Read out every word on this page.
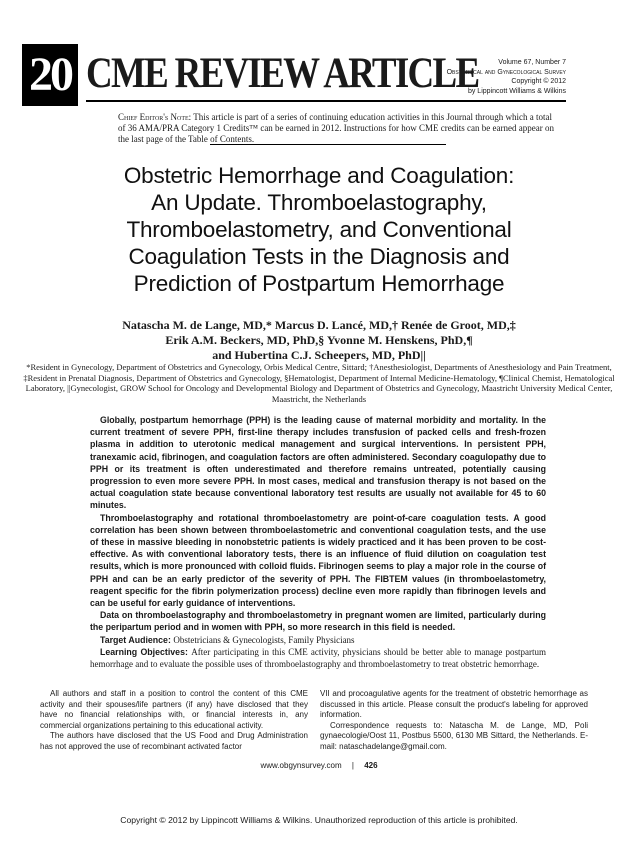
20 CME REVIEW ARTICLE	Volume 67, Number 7
Obstetrical and Gynecological Survey
Copyright © 2012
by Lippincott Williams & Wilkins
Chief Editor's Note: This article is part of a series of continuing education activities in this Journal through which a total of 36 AMA/PRA Category 1 Credits™ can be earned in 2012. Instructions for how CME credits can be earned appear on the last page of the Table of Contents.
Obstetric Hemorrhage and Coagulation:
An Update. Thromboelastography,
Thromboelastometry, and Conventional
Coagulation Tests in the Diagnosis and
Prediction of Postpartum Hemorrhage
Natascha M. de Lange, MD,* Marcus D. Lancé, MD,† Renée de Groot, MD,‡
Erik A.M. Beckers, MD, PhD,§ Yvonne M. Henskens, PhD,¶
and Hubertina C.J. Scheepers, MD, PhD||
*Resident in Gynecology, Department of Obstetrics and Gynecology, Orbis Medical Centre, Sittard; †Anesthesiologist, Departments of Anesthesiology and Pain Treatment, ‡Resident in Prenatal Diagnosis, Department of Obstetrics and Gynecology, §Hematologist, Department of Internal Medicine-Hematology, ¶Clinical Chemist, Hematological Laboratory, ||Gynecologist, GROW School for Oncology and Developmental Biology and Department of Obstetrics and Gynecology, Maastricht University Medical Center, Maastricht, the Netherlands

Globally, postpartum hemorrhage (PPH) is the leading cause of maternal morbidity and mortality. In the current treatment of severe PPH, first-line therapy includes transfusion of packed cells and fresh-frozen plasma in addition to uterotonic medical management and surgical interventions. In persistent PPH, tranexamic acid, fibrinogen, and coagulation factors are often administered. Secondary coagulopathy due to PPH or its treatment is often underestimated and therefore remains untreated, potentially causing progression to even more severe PPH. In most cases, medical and transfusion therapy is not based on the actual coagulation state because conventional laboratory test results are usually not available for 45 to 60 minutes.

Thromboelastography and rotational thromboelastometry are point-of-care coagulation tests. A good correlation has been shown between thromboelastometric and conventional coagulation tests, and the use of these in massive bleeding in nonobstetric patients is widely practiced and it has been proven to be cost-effective. As with conventional laboratory tests, there is an influence of fluid dilution on coagulation test results, which is more pronounced with colloid fluids. Fibrinogen seems to play a major role in the course of PPH and can be an early predictor of the severity of PPH. The FIBTEM values (in thromboelastometry, reagent specific for the fibrin polymerization process) decline even more rapidly than fibrinogen levels and can be useful for early guidance of interventions.

Data on thromboelastography and thromboelastometry in pregnant women are limited, particularly during the peripartum period and in women with PPH, so more research in this field is needed.

Target Audience: Obstetricians & Gynecologists, Family Physicians

Learning Objectives: After participating in this CME activity, physicians should be better able to manage postpartum hemorrhage and to evaluate the possible uses of thromboelastography and thromboelastometry to treat obstetric hemorrhage.

All authors and staff in a position to control the content of this CME activity and their spouses/life partners (if any) have disclosed that they have no financial relationships with, or financial interests in, any commercial organizations pertaining to this educational activity.

The authors have disclosed that the US Food and Drug Administration has not approved the use of recombinant activated factor

VII and procoagulative agents for the treatment of obstetric hemorrhage as discussed in this article. Please consult the product's labeling for approved information.

Correspondence requests to: Natascha M. de Lange, MD, Poli gynaecologie/Oost 11, Postbus 5500, 6130 MB Sittard, the Netherlands. E-mail: nataschadelange@gmail.com.

www.obgynsurvey.com | 426
Copyright © 2012 by Lippincott Williams & Wilkins. Unauthorized reproduction of this article is prohibited.
